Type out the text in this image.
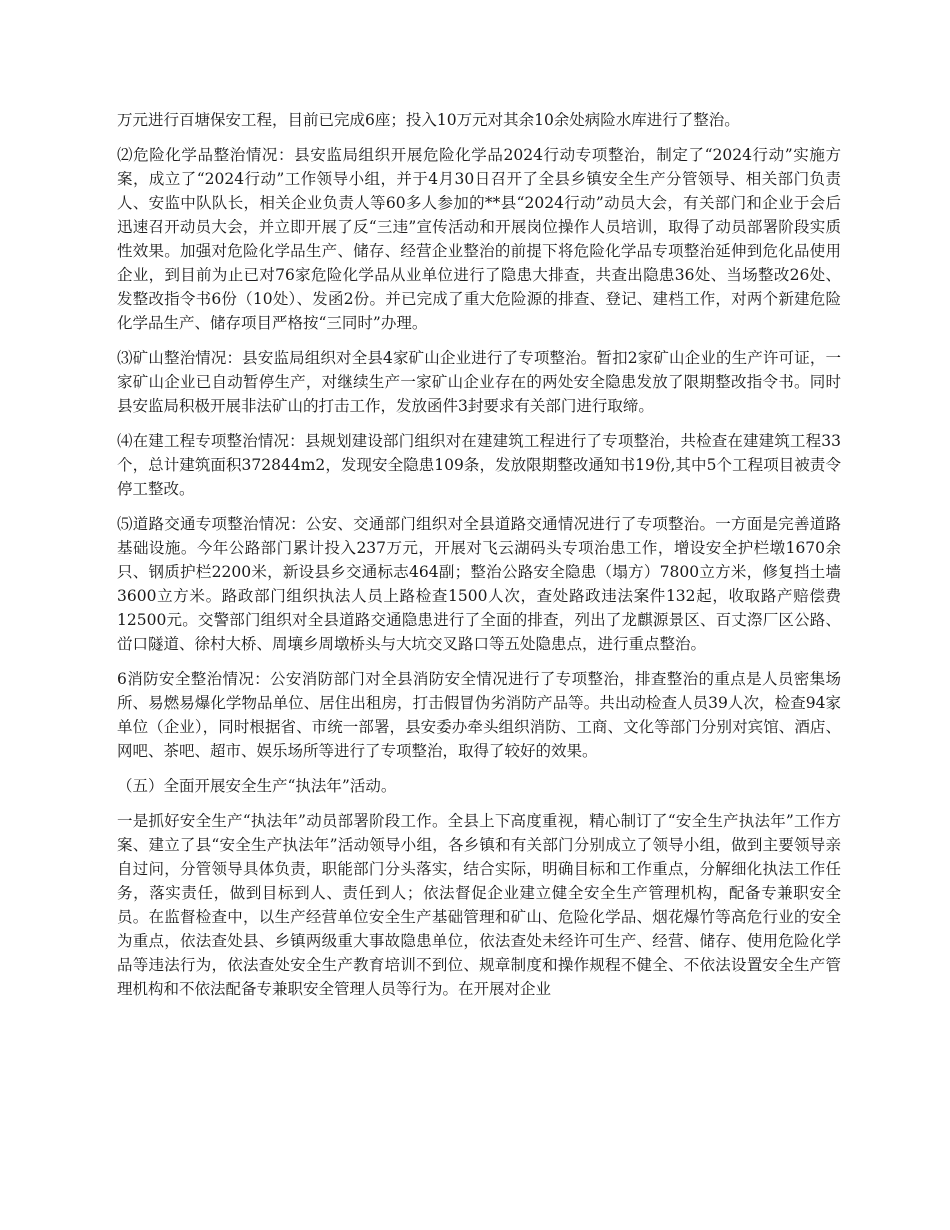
万元进行百塘保安工程，目前已完成6座；投入10万元对其余10余处病险水库进行了整治。

⑵危险化学品整治情况：县安监局组织开展危险化学品2024行动专项整治，制定了“2024行动”实施方案，成立了“2024行动”工作领导小组，并于4月30日召开了全县乡镇安全生产分管领导、相关部门负责人、安监中队队长，相关企业负责人等60多人参加的**县“2024行动”动员大会，有关部门和企业于会后迅速召开动员大会，并立即开展了反“三违”宣传活动和开展岗位操作人员培训，取得了动员部署阶段实质性效果。加强对危险化学品生产、储存、经营企业整治的前提下将危险化学品专项整治延伸到危化品使用企业，到目前为止已对76家危险化学品从业单位进行了隐患大排查，共查出隐患36处、当场整改26处、发整改指令书6份（10处）、发函2份。并已完成了重大危险源的排查、登记、建档工作，对两个新建危险化学品生产、储存项目严格按“三同时”办理。

⑶矿山整治情况：县安监局组织对全县4家矿山企业进行了专项整治。暂扣2家矿山企业的生产许可证，一家矿山企业已自动暂停生产，对继续生产一家矿山企业存在的两处安全隐患发放了限期整改指令书。同时县安监局积极开展非法矿山的打击工作，发放函件3封要求有关部门进行取缔。

⑷在建工程专项整治情况：县规划建设部门组织对在建建筑工程进行了专项整治，共检查在建建筑工程33个，总计建筑面积372844m2，发现安全隐患109条，发放限期整改通知书19份,其中5个工程项目被责令停工整改。

⑸道路交通专项整治情况：公安、交通部门组织对全县道路交通情况进行了专项整治。一方面是完善道路基础设施。今年公路部门累计投入237万元，开展对飞云湖码头专项治患工作，增设安全护栏墩1670余只、钢质护栏2200米，新设县乡交通标志464副；整治公路安全隐患（塌方）7800立方米，修复挡土墙3600立方米。路政部门组织执法人员上路检查1500人次，查处路政违法案件132起，收取路产赔偿费12500元。交警部门组织对全县道路交通隐患进行了全面的排查，列出了龙麒源景区、百丈漈厂区公路、峃口隧道、徐村大桥、周壤乡周墩桥头与大坑交叉路口等五处隐患点，进行重点整治。

6消防安全整治情况：公安消防部门对全县消防安全情况进行了专项整治，排查整治的重点是人员密集场所、易燃易爆化学物品单位、居住出租房，打击假冒伪劣消防产品等。共出动检查人员39人次，检查94家单位（企业），同时根据省、市统一部署，县安委办牵头组织消防、工商、文化等部门分别对宾馆、酒店、网吧、茶吧、超市、娱乐场所等进行了专项整治，取得了较好的效果。

（五）全面开展安全生产“执法年”活动。

一是抓好安全生产“执法年”动员部署阶段工作。全县上下高度重视，精心制订了“安全生产执法年”工作方案、建立了县“安全生产执法年”活动领导小组，各乡镇和有关部门分别成立了领导小组，做到主要领导亲自过问，分管领导具体负责，职能部门分头落实，结合实际，明确目标和工作重点，分解细化执法工作任务，落实责任，做到目标到人、责任到人；依法督促企业建立健全安全生产管理机构，配备专兼职安全员。在监督检查中，以生产经营单位安全生产基础管理和矿山、危险化学品、烟花爆竹等高危行业的安全为重点，依法查处县、乡镇两级重大事故隐患单位，依法查处未经许可生产、经营、储存、使用危险化学品等违法行为，依法查处安全生产教育培训不到位、规章制度和操作规程不健全、不依法设置安全生产管理机构和不依法配备专兼职安全管理人员等行为。在开展对企业
